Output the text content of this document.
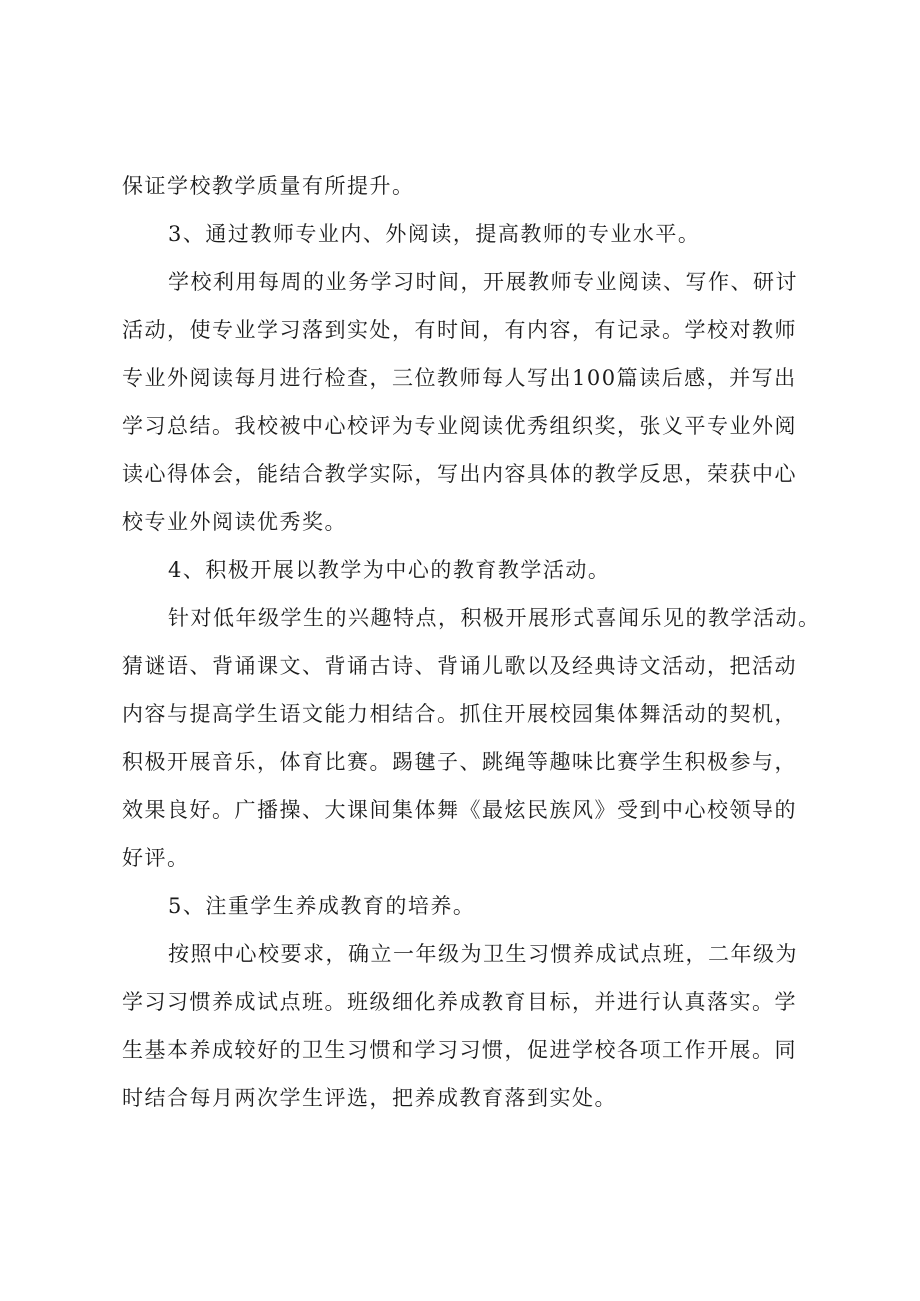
保证学校教学质量有所提升。
3、通过教师专业内、外阅读，提高教师的专业水平。
学校利用每周的业务学习时间，开展教师专业阅读、写作、研讨
活动，使专业学习落到实处，有时间，有内容，有记录。学校对教师
专业外阅读每月进行检查，三位教师每人写出100篇读后感，并写出
学习总结。我校被中心校评为专业阅读优秀组织奖，张义平专业外阅
读心得体会，能结合教学实际，写出内容具体的教学反思，荣获中心
校专业外阅读优秀奖。
4、积极开展以教学为中心的教育教学活动。
针对低年级学生的兴趣特点，积极开展形式喜闻乐见的教学活动。
猜谜语、背诵课文、背诵古诗、背诵儿歌以及经典诗文活动，把活动
内容与提高学生语文能力相结合。抓住开展校园集体舞活动的契机，
积极开展音乐，体育比赛。踢毽子、跳绳等趣味比赛学生积极参与，
效果良好。广播操、大课间集体舞《最炫民族风》受到中心校领导的
好评。
5、注重学生养成教育的培养。
按照中心校要求，确立一年级为卫生习惯养成试点班，二年级为
学习习惯养成试点班。班级细化养成教育目标，并进行认真落实。学
生基本养成较好的卫生习惯和学习习惯，促进学校各项工作开展。同
时结合每月两次学生评选，把养成教育落到实处。
